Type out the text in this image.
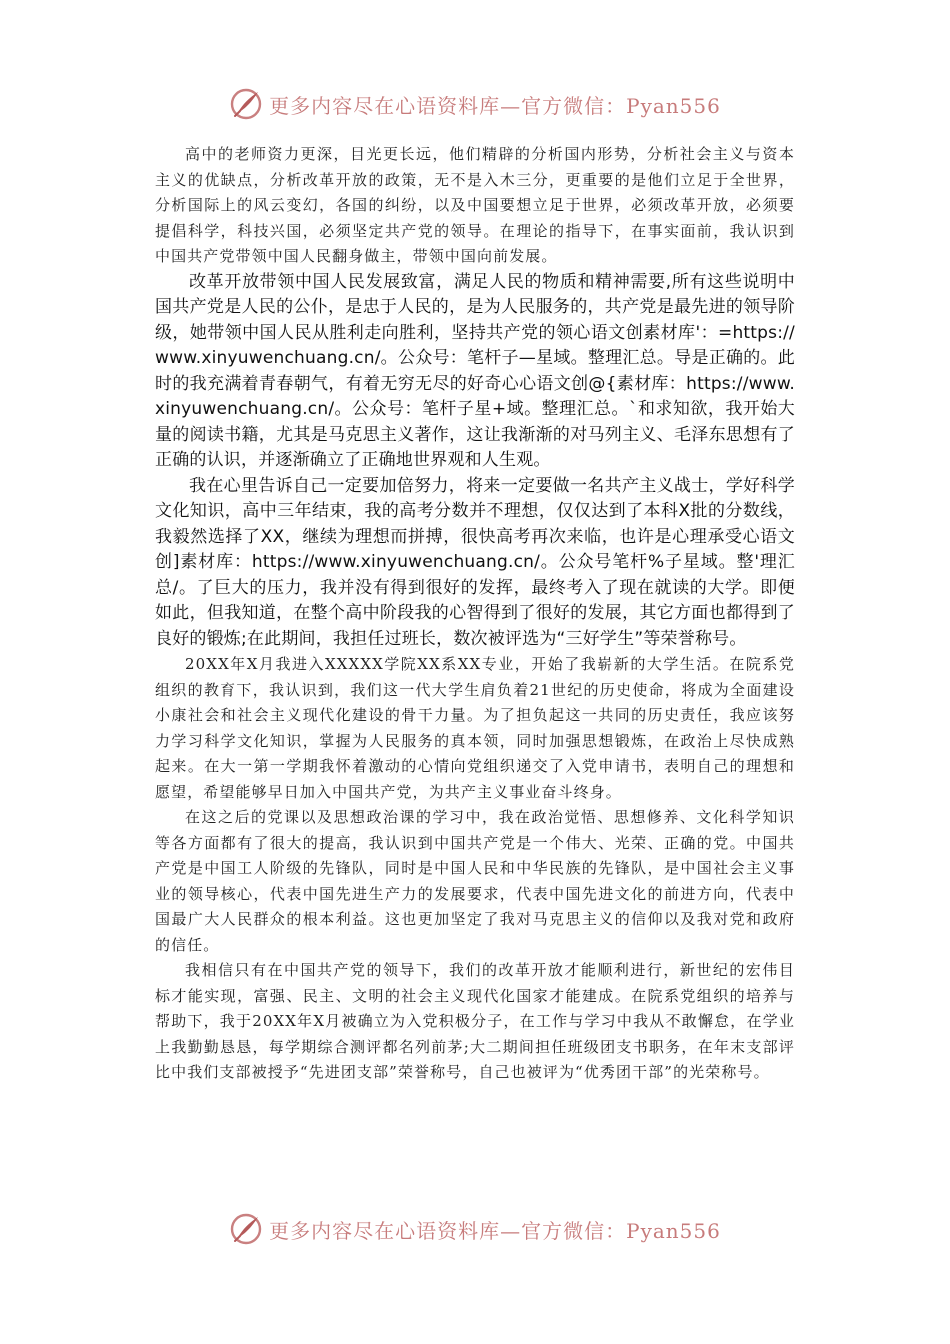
更多内容尽在心语资料库—官方微信：Pyan556

高中的老师资力更深，目光更长远，他们精辟的分析国内形势，分析社会主义与资本主义的优缺点，分析改革开放的政策，无不是入木三分，更重要的是他们立足于全世界，分析国际上的风云变幻，各国的纠纷，以及中国要想立足于世界，必须改革开放，必须要提倡科学，科技兴国，必须坚定共产党的领导。在理论的指导下，在事实面前，我认识到中国共产党带领中国人民翻身做主，带领中国向前发展。

改革开放带领中国人民发展致富，满足人民的物质和精神需要,所有这些说明中国共产党是人民的公仆，是忠于人民的，是为人民服务的，共产党是最先进的领导阶级，她带领中国人民从胜利走向胜利，坚持共产党的领心语文创素材库'：=https://www.xinyuwenchuang.cn/。公众号：笔杆子—星域。整理汇总。导是正确的。此时的我充满着青春朝气，有着无穷无尽的好奇心心语文创@{素材库：https://www.xinyuwenchuang.cn/。公众号：笔杆子星+域。整理汇总。`和求知欲，我开始大量的阅读书籍，尤其是马克思主义著作，这让我渐渐的对马列主义、毛泽东思想有了正确的认识，并逐渐确立了正确地世界观和人生观。

我在心里告诉自己一定要加倍努力，将来一定要做一名共产主义战士，学好科学文化知识，高中三年结束，我的高考分数并不理想，仅仅达到了本科X批的分数线，我毅然选择了XX，继续为理想而拼搏，很快高考再次来临，也许是心理承受心语文创]素材库：https://www.xinyuwenchuang.cn/。公众号笔杆%子星域。整'理汇总/。了巨大的压力，我并没有得到很好的发挥，最终考入了现在就读的大学。即便如此，但我知道，在整个高中阶段我的心智得到了很好的发展，其它方面也都得到了良好的锻炼;在此期间，我担任过班长，数次被评选为“三好学生”等荣誉称号。

20XX年X月我进入XXXXX学院XX系XX专业，开始了我崭新的大学生活。在院系党组织的教育下，我认识到，我们这一代大学生肩负着21世纪的历史使命，将成为全面建设小康社会和社会主义现代化建设的骨干力量。为了担负起这一共同的历史责任，我应该努力学习科学文化知识，掌握为人民服务的真本领，同时加强思想锻炼，在政治上尽快成熟起来。在大一第一学期我怀着激动的心情向党组织递交了入党申请书，表明自己的理想和愿望，希望能够早日加入中国共产党，为共产主义事业奋斗终身。

在这之后的党课以及思想政治课的学习中，我在政治觉悟、思想修养、文化科学知识等各方面都有了很大的提高，我认识到中国共产党是一个伟大、光荣、正确的党。中国共产党是中国工人阶级的先锋队，同时是中国人民和中华民族的先锋队，是中国社会主义事业的领导核心，代表中国先进生产力的发展要求，代表中国先进文化的前进方向，代表中国最广大人民群众的根本利益。这也更加坚定了我对马克思主义的信仰以及我对党和政府的信任。

我相信只有在中国共产党的领导下，我们的改革开放才能顺利进行，新世纪的宏伟目标才能实现，富强、民主、文明的社会主义现代化国家才能建成。在院系党组织的培养与帮助下，我于20XX年X月被确立为入党积极分子，在工作与学习中我从不敢懈怠，在学业上我勤勤恳恳，每学期综合测评都名列前茅;大二期间担任班级团支书职务，在年末支部评比中我们支部被授予“先进团支部”荣誉称号，自己也被评为“优秀团干部”的光荣称号。

更多内容尽在心语资料库—官方微信：Pyan556
